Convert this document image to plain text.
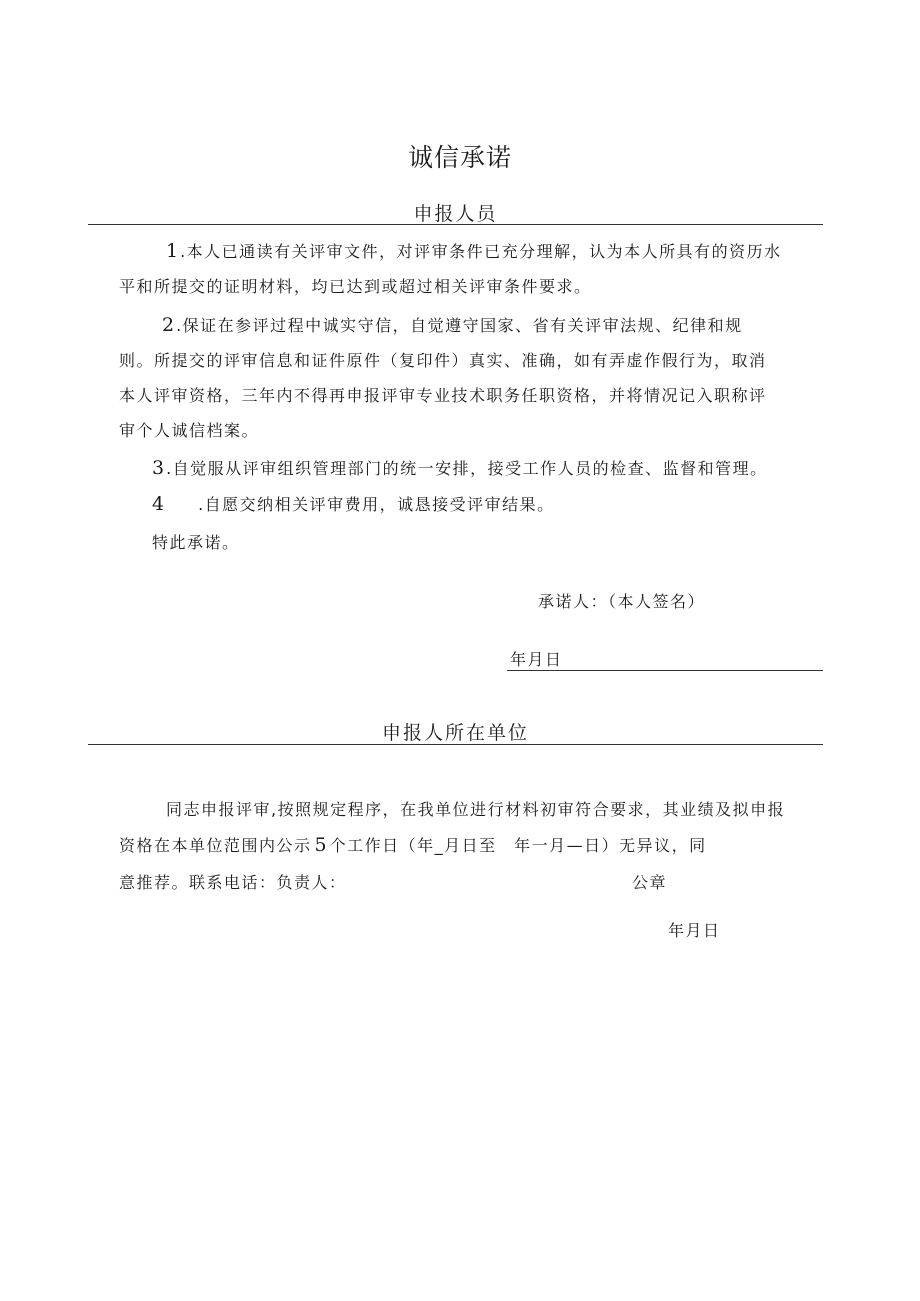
诚信承诺
申报人员
1 .本人已通读有关评审文件，对评审条件已充分理解，认为本人所具有的资历水
平和所提交的证明材料，均已达到或超过相关评审条件要求。
2 .保证在参评过程中诚实守信，自觉遵守国家、省有关评审法规、纪律和规
则。所提交的评审信息和证件原件（复印件）真实、准确，如有弄虚作假行为，取消
本人评审资格，三年内不得再申报评审专业技术职务任职资格，并将情况记入职称评
审个人诚信档案。
3 .自觉服从评审组织管理部门的统一安排，接受工作人员的检查、监督和管理。
4 .自愿交纳相关评审费用，诚恳接受评审结果。
特此承诺。
承诺人：（本人签名）
年月日
申报人所在单位
同志申报评审,按照规定程序，在我单位进行材料初审符合要求，其业绩及拟申报
资格在本单位范围内公示 5 个工作日（年_月日至　年一月—日）无异议，同
意推荐。联系电话：负责人：	公章
年月日
